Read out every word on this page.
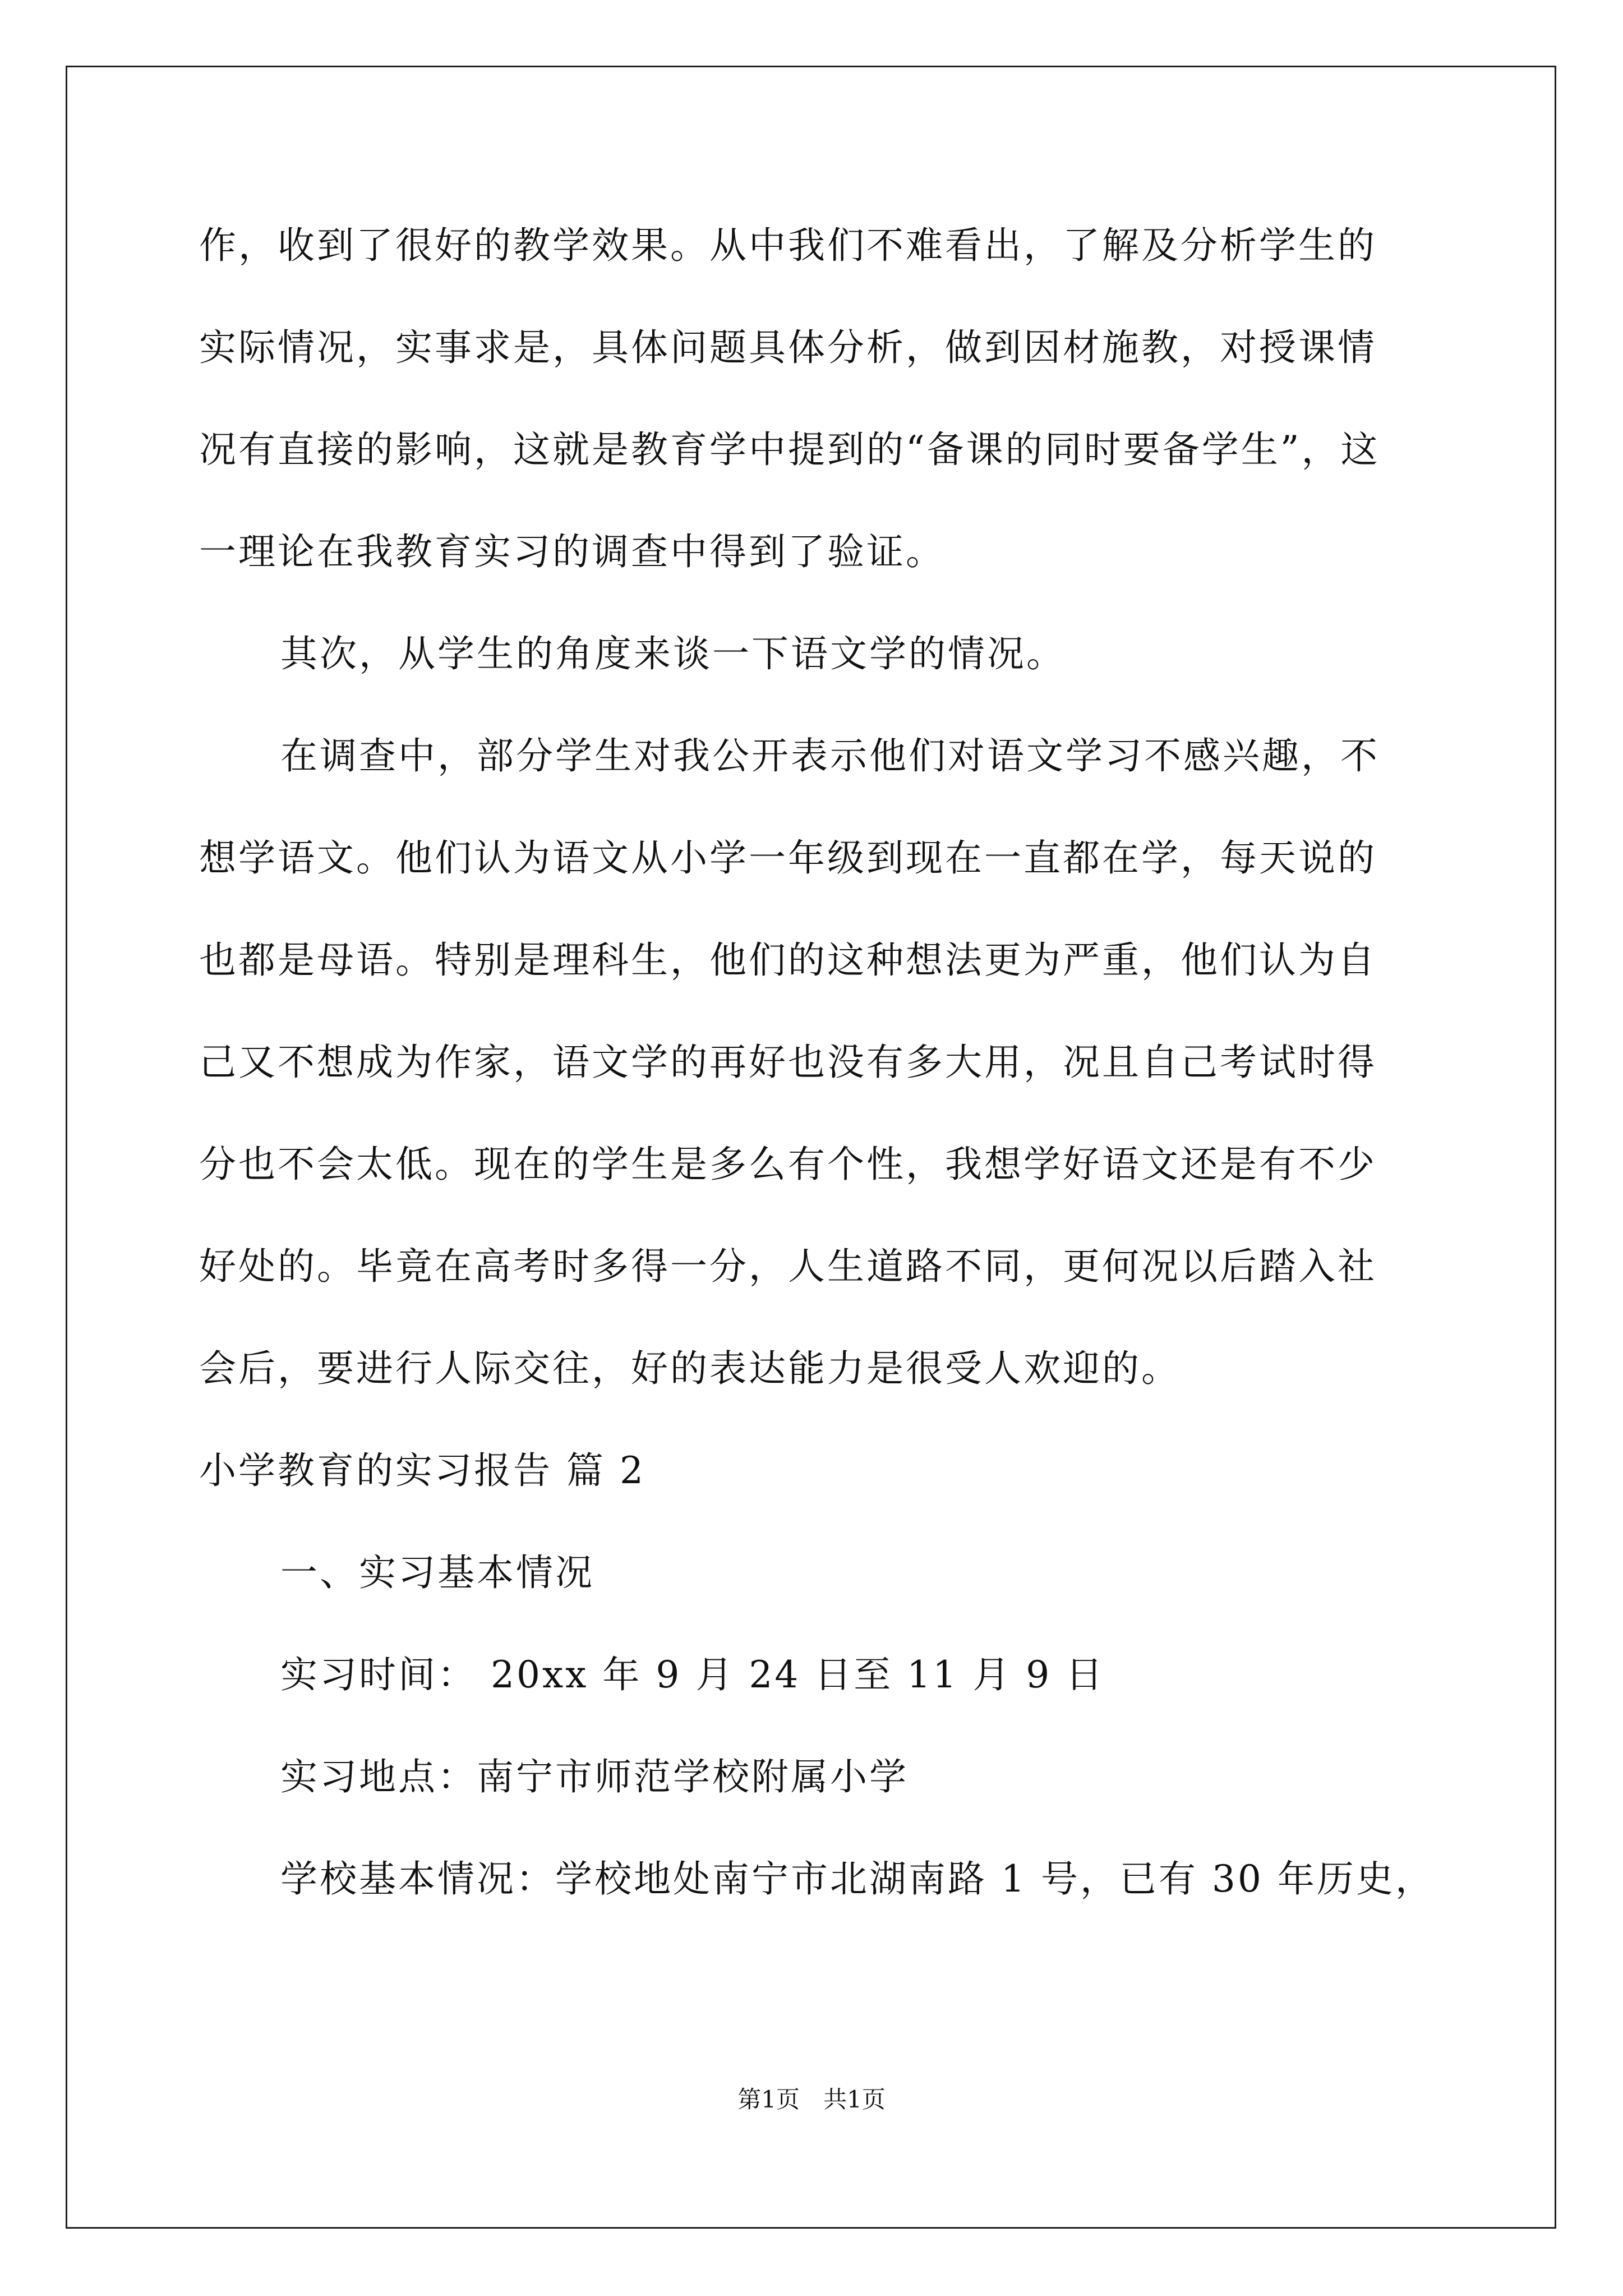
作，收到了很好的教学效果。从中我们不难看出，了解及分析学生的
实际情况，实事求是，具体问题具体分析，做到因材施教，对授课情
况有直接的影响，这就是教育学中提到的“备课的同时要备学生”，这
一理论在我教育实习的调查中得到了验证。
其次，从学生的角度来谈一下语文学的情况。
在调查中，部分学生对我公开表示他们对语文学习不感兴趣，不
想学语文。他们认为语文从小学一年级到现在一直都在学，每天说的
也都是母语。特别是理科生，他们的这种想法更为严重，他们认为自
己又不想成为作家，语文学的再好也没有多大用，况且自己考试时得
分也不会太低。现在的学生是多么有个性，我想学好语文还是有不少
好处的。毕竟在高考时多得一分，人生道路不同，更何况以后踏入社
会后，要进行人际交往，好的表达能力是很受人欢迎的。
小学教育的实习报告 篇 2
一、实习基本情况
实习时间： 20xx 年 9 月 24 日至 11 月 9 日
实习地点：南宁市师范学校附属小学
学校基本情况：学校地处南宁市北湖南路 1 号，已有 30 年历史，
第1页　共1页
